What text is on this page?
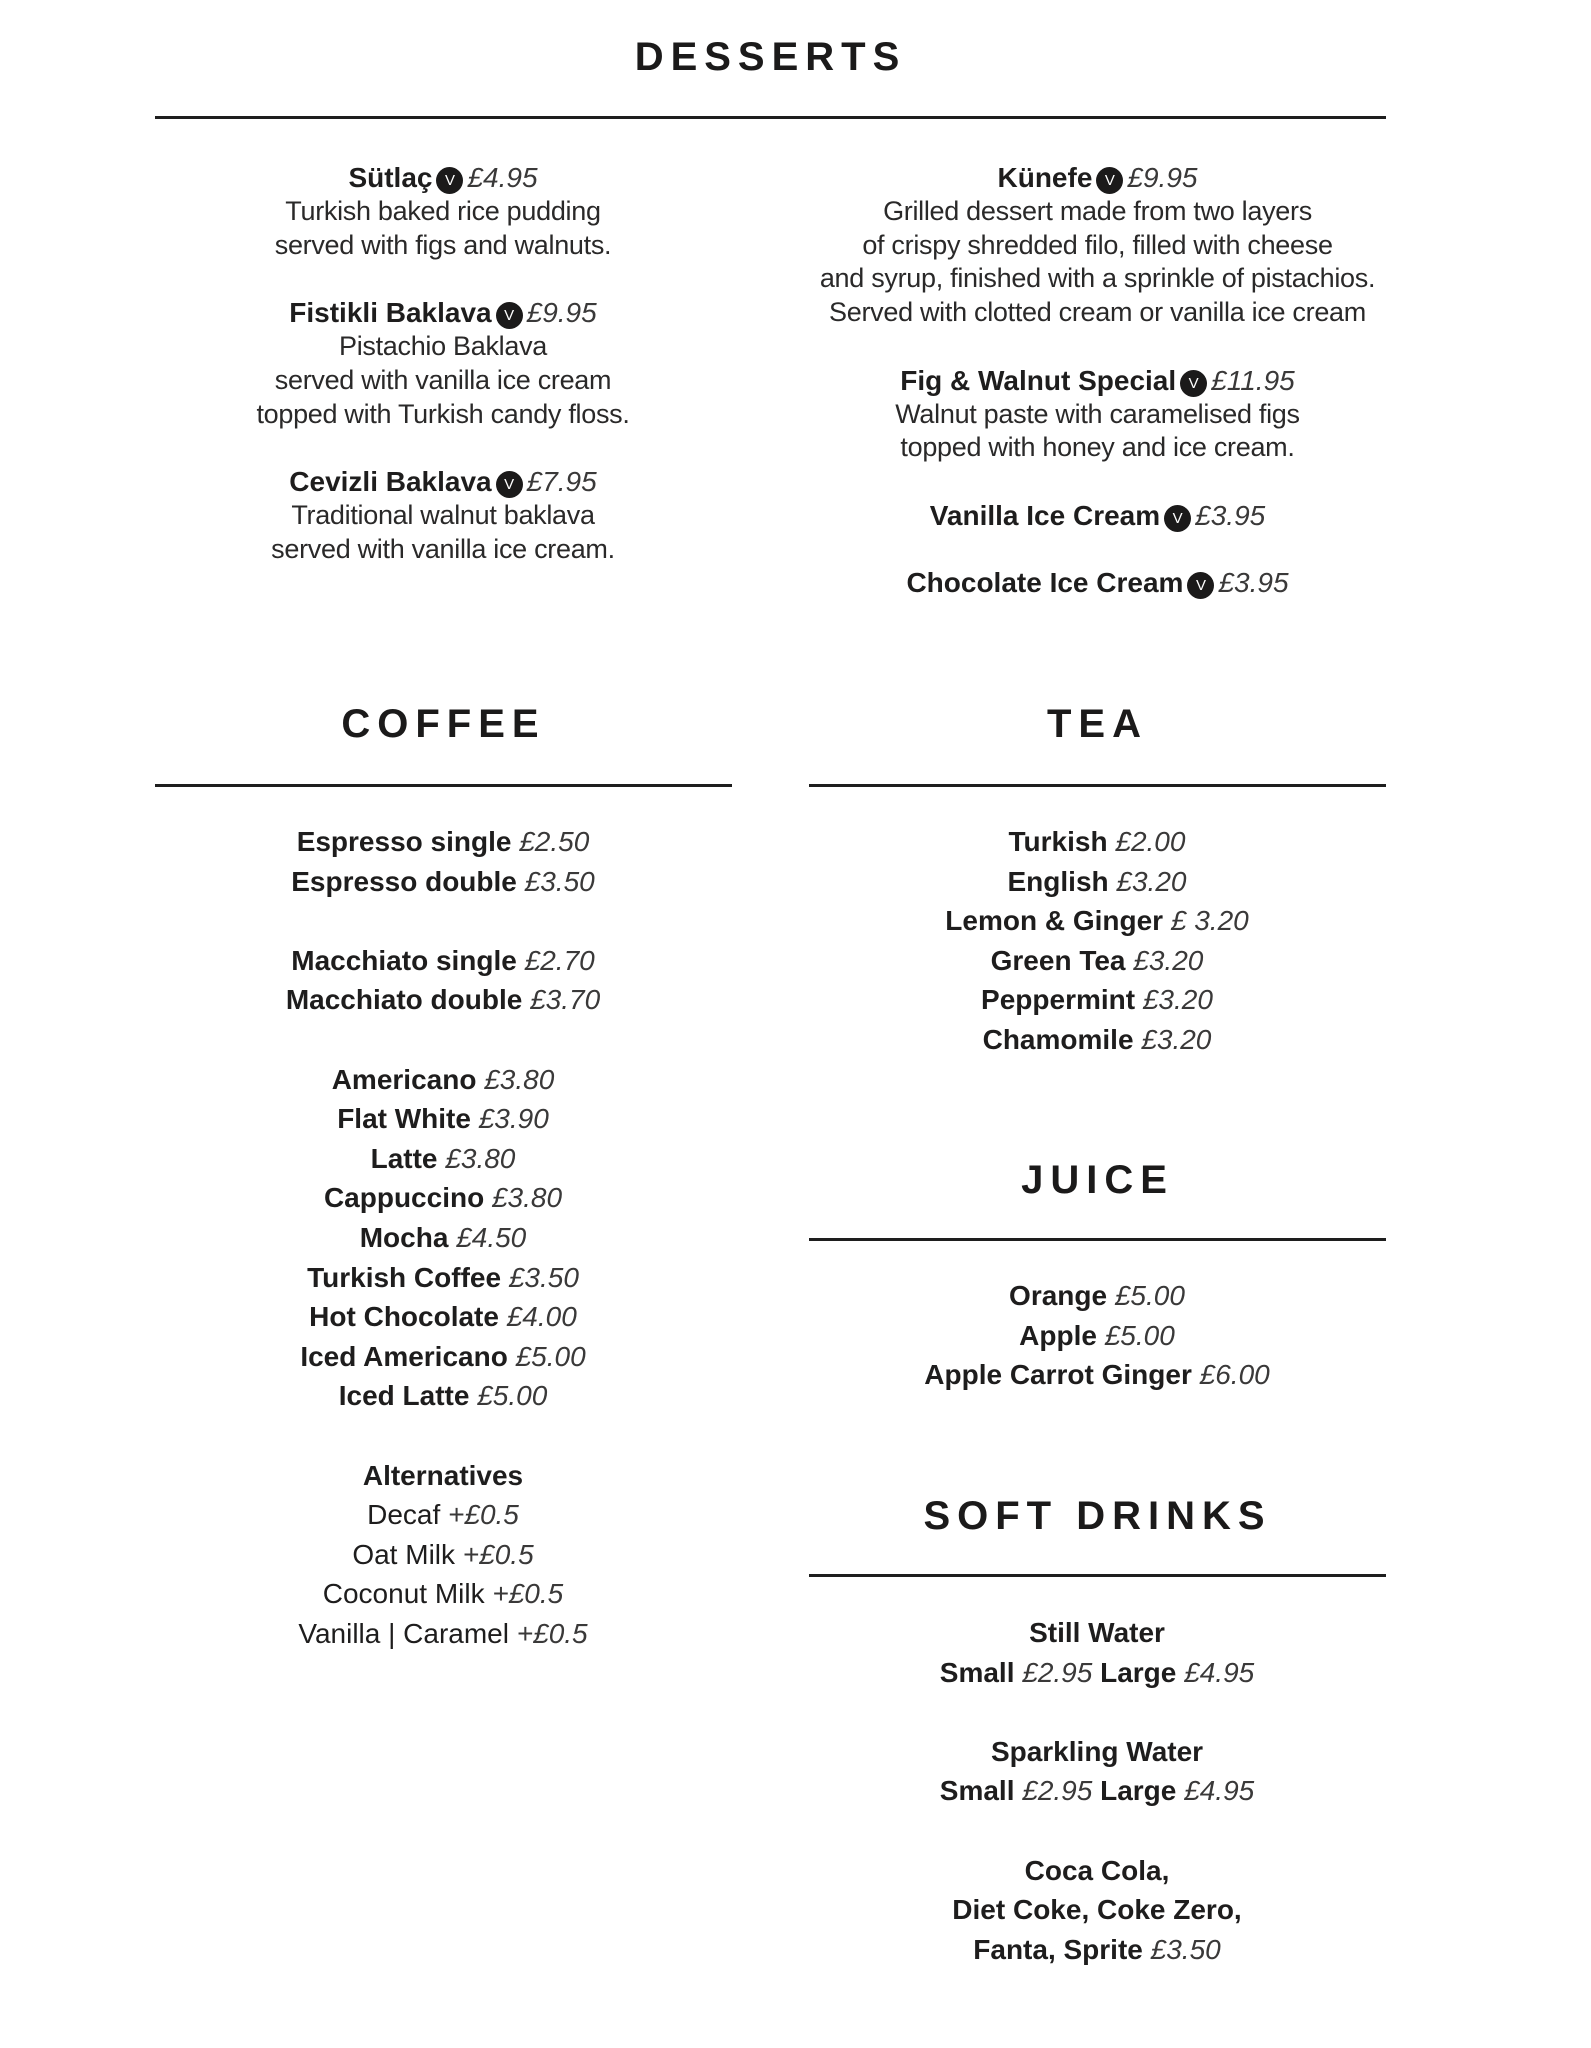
DESSERTS
Sütlaç V £4.95
Turkish baked rice pudding
served with figs and walnuts.
Fistikli Baklava V £9.95
Pistachio Baklava
served with vanilla ice cream
topped with Turkish candy floss.
Cevizli Baklava V £7.95
Traditional walnut baklava
served with vanilla ice cream.
Künefe V £9.95
Grilled dessert made from two layers
of crispy shredded filo, filled with cheese
and syrup, finished with a sprinkle of pistachios.
Served with clotted cream or vanilla ice cream
Fig & Walnut Special V £11.95
Walnut paste with caramelised figs
topped with honey and ice cream.
Vanilla Ice Cream V £3.95
Chocolate Ice Cream V £3.95
COFFEE
Espresso single £2.50
Espresso double £3.50
Macchiato single £2.70
Macchiato double £3.70
Americano £3.80
Flat White £3.90
Latte £3.80
Cappuccino £3.80
Mocha £4.50
Turkish Coffee £3.50
Hot Chocolate £4.00
Iced Americano £5.00
Iced Latte £5.00
Alternatives
Decaf +£0.5
Oat Milk +£0.5
Coconut Milk +£0.5
Vanilla | Caramel +£0.5
TEA
Turkish £2.00
English £3.20
Lemon & Ginger £ 3.20
Green Tea £3.20
Peppermint £3.20
Chamomile £3.20
JUICE
Orange £5.00
Apple £5.00
Apple Carrot Ginger £6.00
SOFT DRINKS
Still Water
Small £2.95 Large £4.95
Sparkling Water
Small £2.95 Large £4.95
Coca Cola,
Diet Coke, Coke Zero,
Fanta, Sprite £3.50
